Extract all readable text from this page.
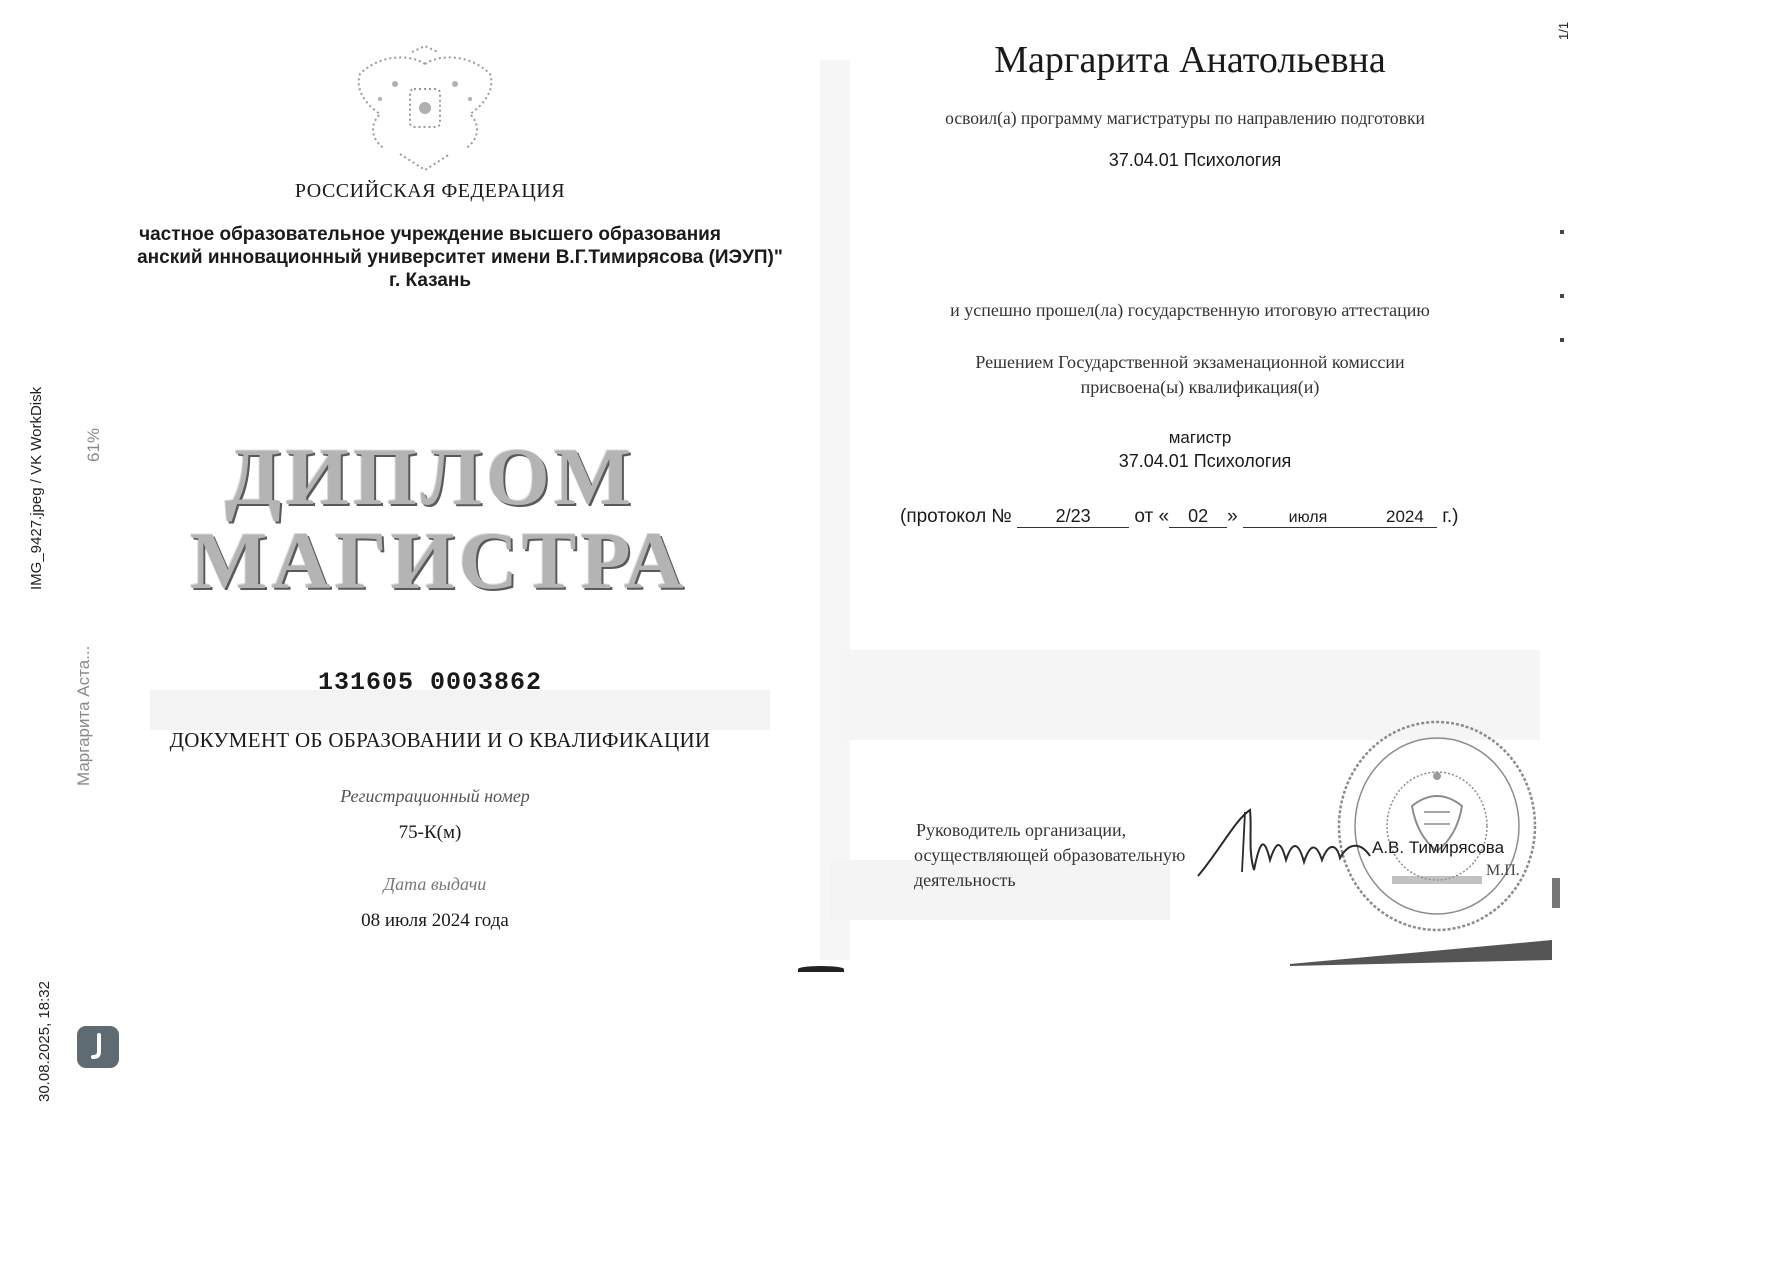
30.08.2025, 18:32
IMG_9427.jpeg / VK WorkDisk
Маргарита Аста...
61%
1/1
РОССИЙСКАЯ ФЕДЕРАЦИЯ
частное образовательное учреждение высшего образования
анский инновационный университет имени В.Г.Тимирясова (ИЭУП)"
г. Казань
ДИПЛОМ
МАГИСТРА
131605 0003862
ДОКУМЕНТ ОБ ОБРАЗОВАНИИ И О КВАЛИФИКАЦИИ
Регистрационный номер
75-К(м)
Дата выдачи
08 июля 2024 года
Маргарита Анатольевна
освоил(а) программу магистратуры по направлению подготовки
37.04.01 Психология
и успешно прошел(ла) государственную итоговую аттестацию
Решением Государственной экзаменационной комиссии
присвоена(ы) квалификация(и)
магистр
37.04.01 Психология
(протокол № 2/23 от « 02 »	июля	2024 г.)
Руководитель организации,
осуществляющей образовательную
деятельность
А.В. Тимирясова
М.П.
